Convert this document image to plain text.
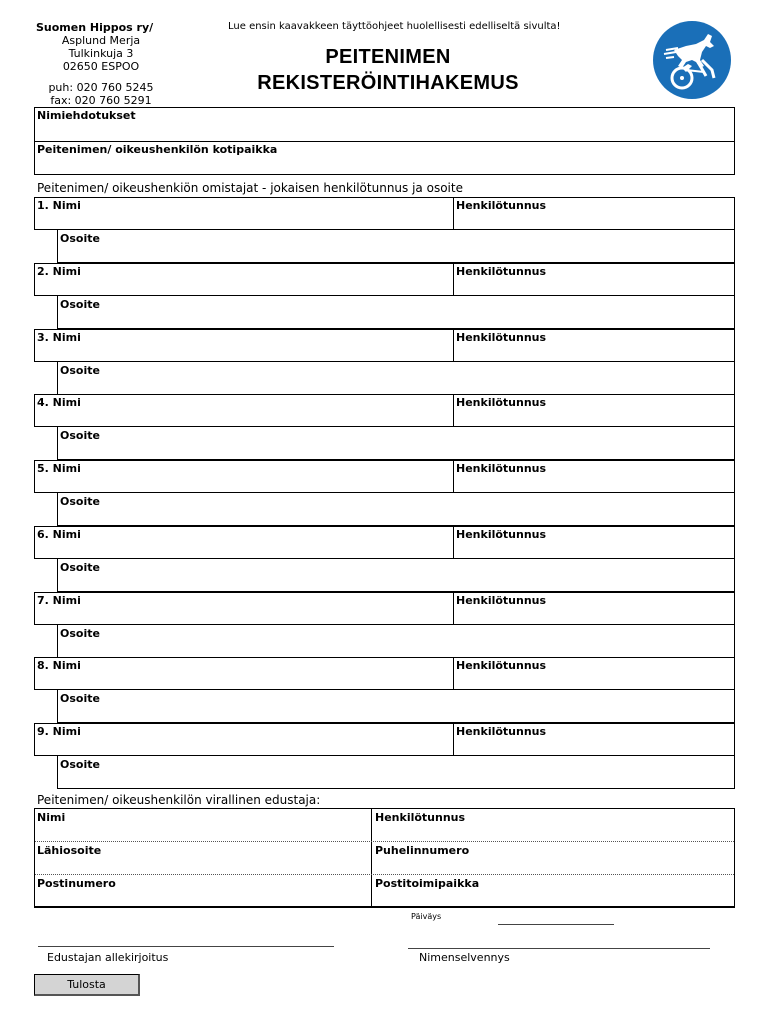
Suomen Hippos ry/
Asplund Merja
Tulkinkuja 3
02650 ESPOO
puh: 020 760 5245
fax: 020 760 5291
Lue ensin kaavakkeen täyttöohjeet huolellisesti edelliseltä sivulta!
PEITENIMEN
REKISTERÖINTIHAKEMUS
Nimiehdotukset
Peitenimen/ oikeushenkilön kotipaikka
Peitenimen/ oikeushenkiön omistajat - jokaisen henkilötunnus ja osoite
1. Nimi	Henkilötunnus
Osoite
2. Nimi	Henkilötunnus
Osoite
3. Nimi	Henkilötunnus
Osoite
4. Nimi	Henkilötunnus
Osoite
5. Nimi	Henkilötunnus
Osoite
6. Nimi	Henkilötunnus
Osoite
7. Nimi	Henkilötunnus
Osoite
8. Nimi	Henkilötunnus
Osoite
9. Nimi	Henkilötunnus
Osoite
Peitenimen/ oikeushenkilön virallinen edustaja:
Nimi	Henkilötunnus
Lähiosoite	Puhelinnumero
Postinumero	Postitoimipaikka
Päiväys
Edustajan allekirjoitus	Nimenselvennys
Tulosta
